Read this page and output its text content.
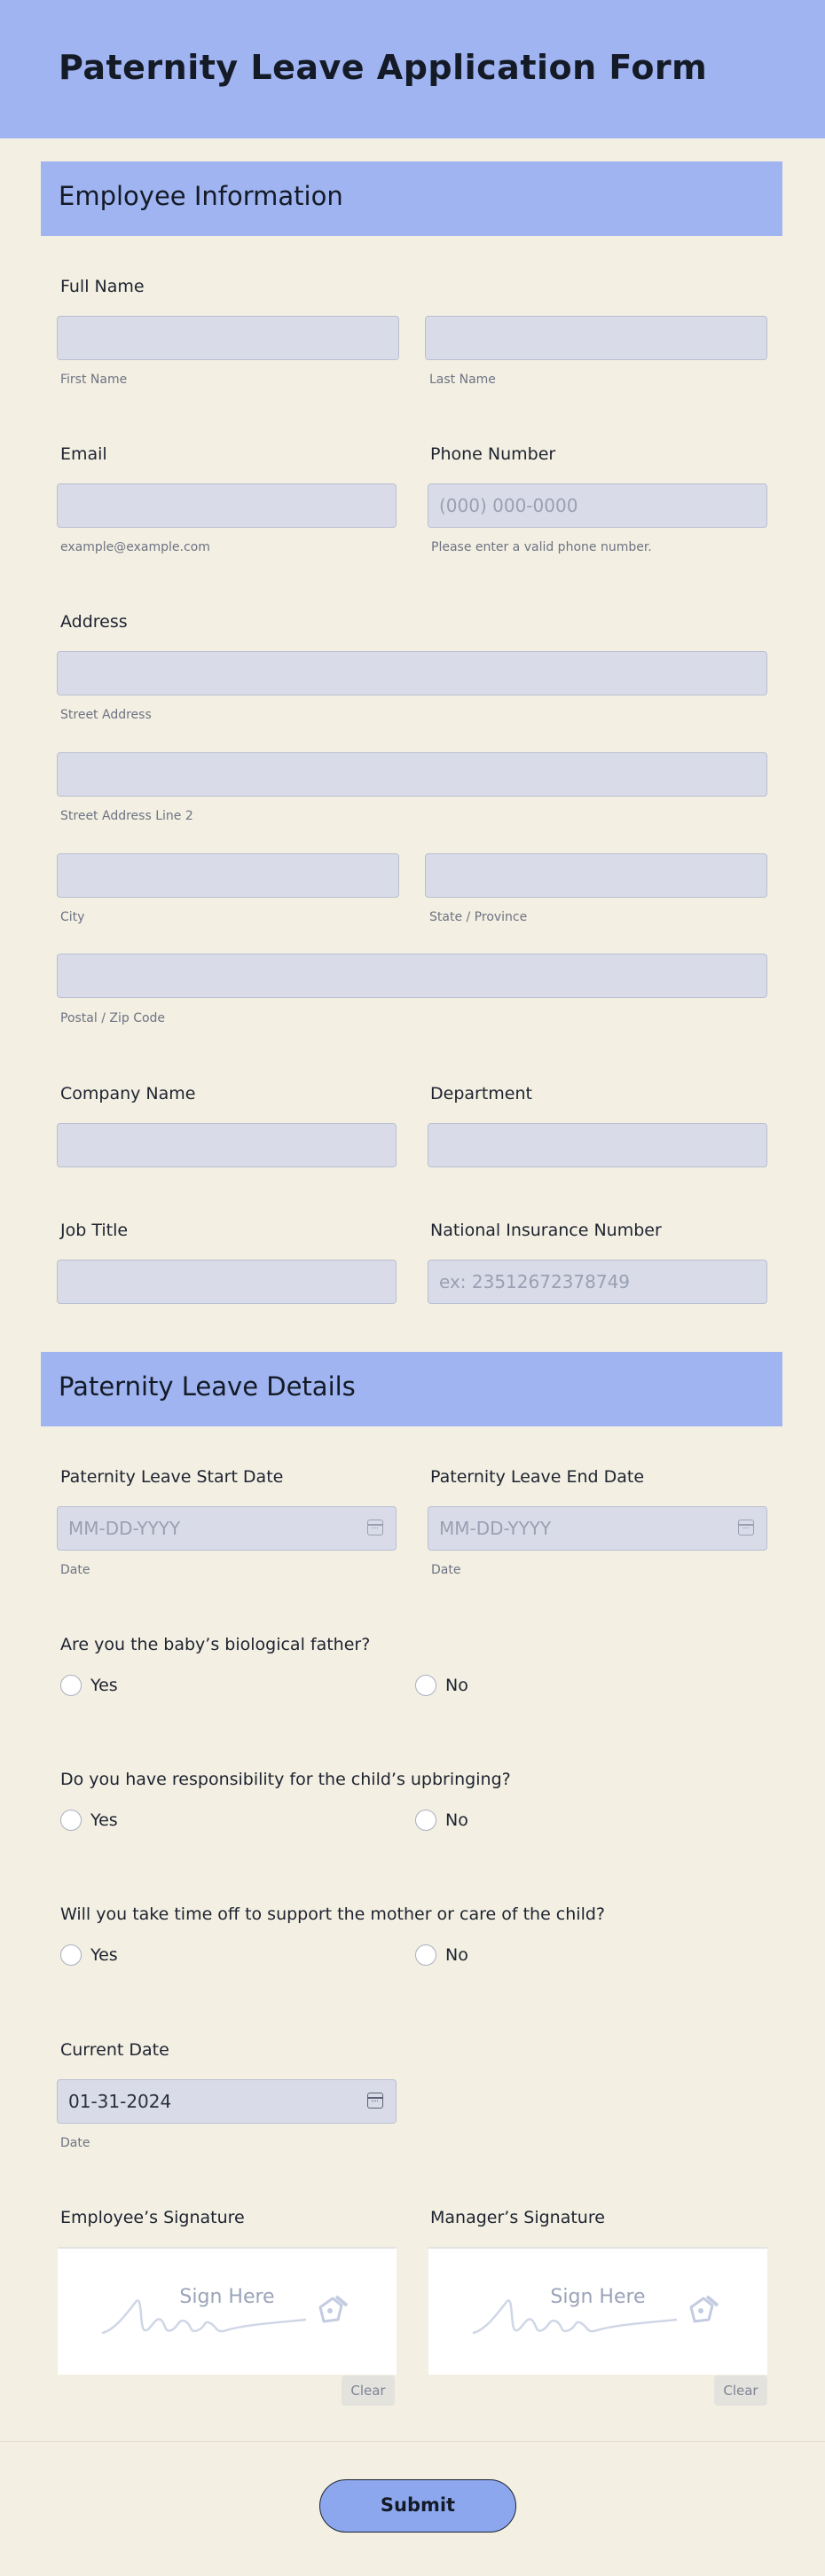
Paternity Leave Application Form
Employee Information
Full Name
First Name	Last Name
Email
example@example.com
Phone Number
(000) 000-0000
Please enter a valid phone number.
Address
Street Address
Street Address Line 2
City	State / Province
Postal / Zip Code
Company Name	Department
Job Title	National Insurance Number
ex: 23512672378749
Paternity Leave Details
Paternity Leave Start Date
MM-DD-YYYY
Date
Paternity Leave End Date
MM-DD-YYYY
Date
Are you the baby’s biological father?
Yes	No
Do you have responsibility for the child’s upbringing?
Yes	No
Will you take time off to support the mother or care of the child?
Yes	No
Current Date
01-31-2024
Date
Employee’s Signature
Sign Here
Clear
Manager’s Signature
Sign Here
Clear
Submit
